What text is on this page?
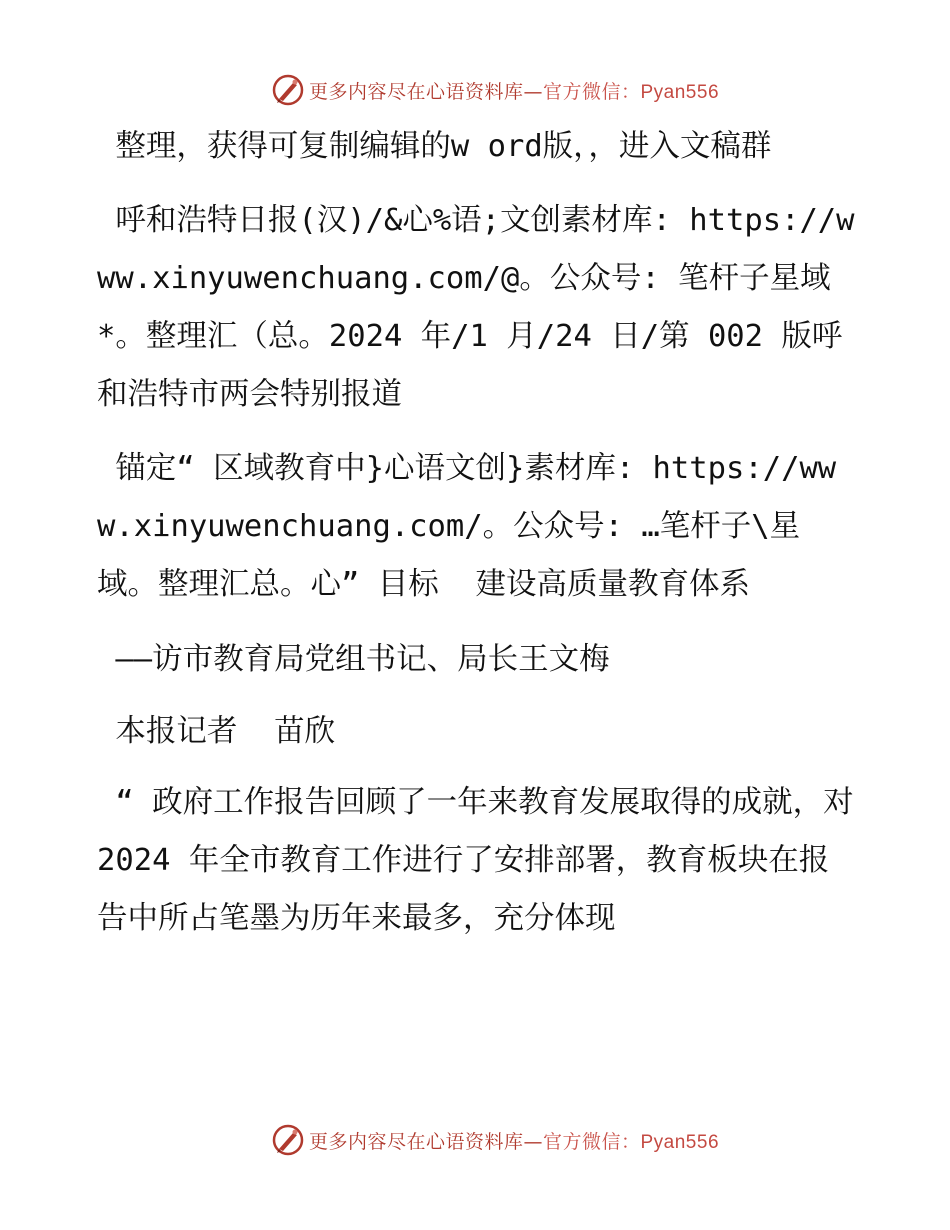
更多内容尽在心语资料库—官方微信：Pyan556

整理，获得可复制编辑的w ord版，，进入文稿群

呼和浩特日报(汉)/&心%语;文创素材库: https://www.xinyuwenchuang.com/@。公众号: 笔杆子星域*。整理汇（总。2024 年/1 月/24 日/第 002 版呼和浩特市两会特别报道

锚定“ 区域教育中}心语文创}素材库: https://www.xinyuwenchuang.com/。公众号: …笔杆子\星域。整理汇总。心” 目标  建设高质量教育体系

——访市教育局党组书记、局长王文梅

本报记者  苗欣

“ 政府工作报告回顾了一年来教育发展取得的成就，对 2024 年全市教育工作进行了安排部署，教育板块在报告中所占笔墨为历年来最多，充分体现

更多内容尽在心语资料库—官方微信：Pyan556
